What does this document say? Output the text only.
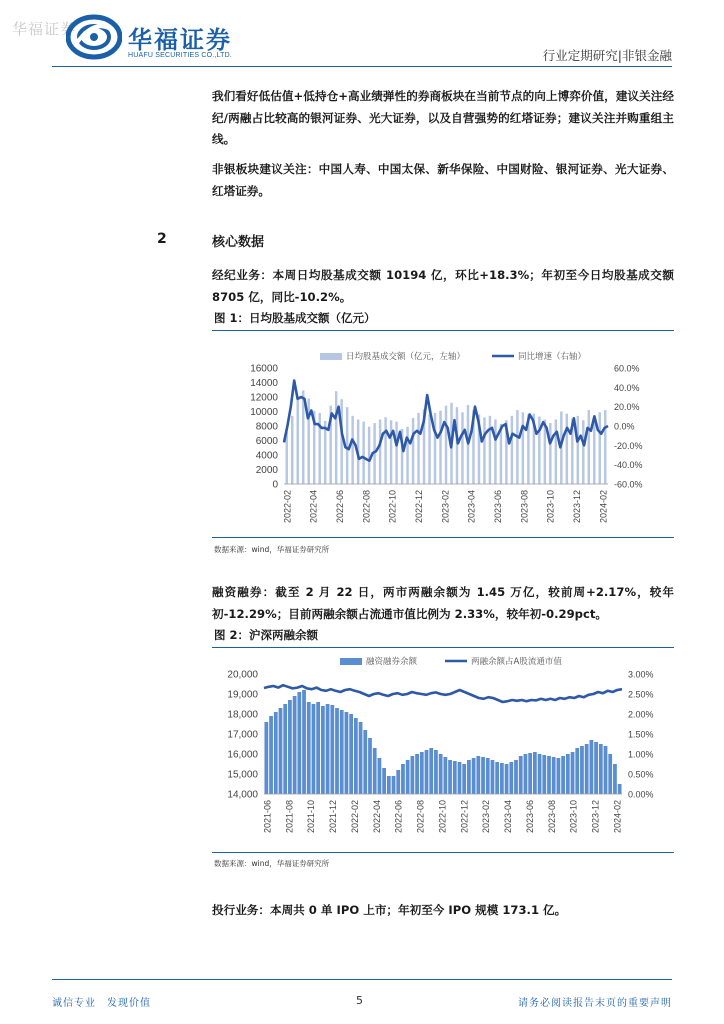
华福证券 华福证券
HUAFU SECURITIES CO.,LTD.	行业定期研究|非银金融
我们看好低估值+低持仓+高业绩弹性的券商板块在当前节点的向上博弈价值，建议关注经纪/两融占比较高的银河证券、光大证券，以及自营强势的红塔证券；建议关注并购重组主线。
非银板块建议关注：中国人寿、中国太保、新华保险、中国财险、银河证券、光大证券、红塔证券。
2	核心数据
经纪业务：本周日均股基成交额 10194 亿，环比+18.3%；年初至今日均股基成交额 8705 亿，同比-10.2%。
图 1：日均股基成交额（亿元）
日均股基成交额（亿元，左轴）	同比增速（右轴）
16000
14000
12000
10000
8000
6000
4000
2000
0
60.0%
40.0%
20.0%
0.0%
-20.0%
-40.0%
-60.0%
2022-02 2022-04 2022-06 2022-08 2022-10 2022-12 2023-02 2023-04 2023-06 2023-08 2023-10 2023-12 2024-02
数据来源：wind，华福证券研究所
融资融券：截至 2 月 22 日，两市两融余额为 1.45 万亿，较前周+2.17%，较年初-12.29%；目前两融余额占流通市值比例为 2.33%，较年初-0.29pct。
图 2：沪深两融余额
融资融券余额	两融余额占A股流通市值
20,000
19,000
18,000
17,000
16,000
15,000
14,000
3.00%
2.50%
2.00%
1.50%
1.00%
0.50%
0.00%
2021-06 2021-08 2021-10 2021-12 2022-02 2022-04 2022-06 2022-08 2022-10 2022-12 2023-02 2023-04 2023-06 2023-08 2023-10 2023-12 2024-02
数据来源：wind，华福证券研究所
投行业务：本周共 0 单 IPO 上市；年初至今 IPO 规模 173.1 亿。
诚信专业　发现价值	5	请务必阅读报告末页的重要声明
